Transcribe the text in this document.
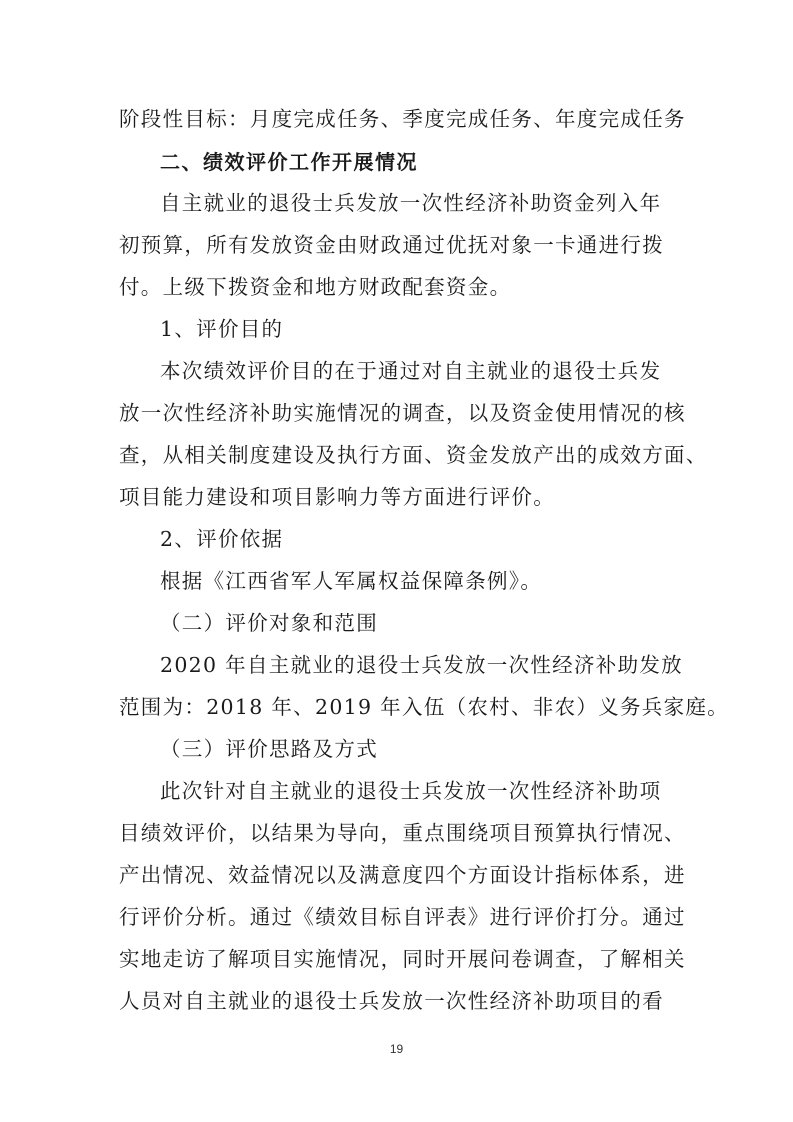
阶段性目标：月度完成任务、季度完成任务、年度完成任务
二、绩效评价工作开展情况
自主就业的退役士兵发放一次性经济补助资金列入年
初预算，所有发放资金由财政通过优抚对象一卡通进行拨
付。上级下拨资金和地方财政配套资金。
1、评价目的
本次绩效评价目的在于通过对自主就业的退役士兵发
放一次性经济补助实施情况的调查，以及资金使用情况的核
查，从相关制度建设及执行方面、资金发放产出的成效方面、
项目能力建设和项目影响力等方面进行评价。
2、评价依据
根据《江西省军人军属权益保障条例》。
（二）评价对象和范围
2020 年自主就业的退役士兵发放一次性经济补助发放
范围为：2018 年、2019 年入伍（农村、非农）义务兵家庭。
（三）评价思路及方式
此次针对自主就业的退役士兵发放一次性经济补助项
目绩效评价，以结果为导向，重点围绕项目预算执行情况、
产出情况、效益情况以及满意度四个方面设计指标体系，进
行评价分析。通过《绩效目标自评表》进行评价打分。通过
实地走访了解项目实施情况，同时开展问卷调查，了解相关
人员对自主就业的退役士兵发放一次性经济补助项目的看
19
